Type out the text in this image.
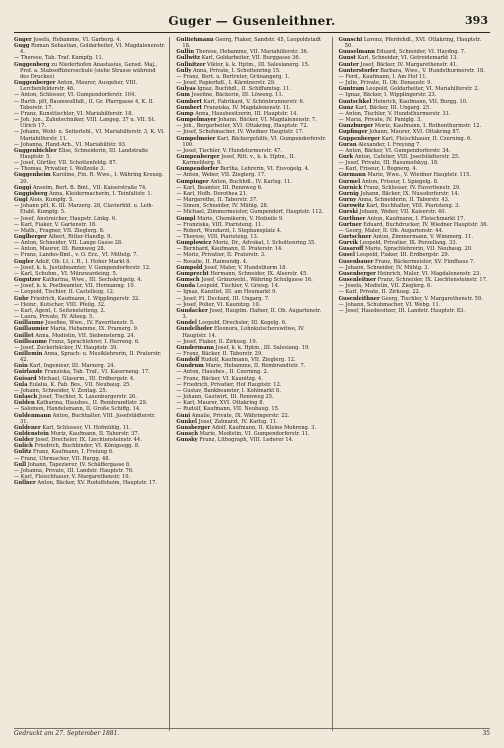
Guger — Gusenleithner.	393

Guger Josefa, Hebamme, VI. Garberg. 4.

Gugg Roman Sebastian, Goldarbeiter, VI. Magdalenenstr. 4.

— Therese, Tab. Traf. Kumpfg. 11.

Guggenberg zu Niederhofen Anastasius, Gensd. Maj., Prof. a. Stabsoffiziersschule (siehe Strasse während des Druckes)

Guggenberger Anton, Maurer, Ausgeher, VIII. Lerchenfelderstr. 46.

— Anton, Schlosser, VI. Gumpendorferstr. 104.

— Barth. pH, Baumwollhdl., II. Gr. Pfarrgasse 4, K. II. Taborstr. 17.

— Franz, Kunsttischler, VI. Mariahilferstr. 18.

— Joh. jun., Zahntechniker, VIII. Langeg. 37 u. VII. St. Ulrich 17.

— Johann, Wohl- u. Seiterlebl., VI. Mariahilferstr. 3, K. VI. Mariahilferstr. 11.

— Johanna, Hand-Arb., VI. Mariahilfstr. 93.

Guggenbichler Elise, Schneiderin, III. Landstraße Hauptstr. 5.

— Josef, Gürtler, VII. Schottenfeldg. 87.

— Thomas, Privatier, I. Wollzeile 3.

Guggenheim Karoline, Fin. R. Wwe., I. Währing Kreuzg. 20.

Guggi Anselm, Bert. B. Bmt., VII. Kaiserstraße 74.

Guggisberg Anna, Kleidermacherin, I. Teinfaltstr. 1.

Gugl Alois, Kumpfg. 5.

— Johann pH, K. III. Marzerg. 28, Clavierbld. u. Leih-Etabl. Kumpfg. 5.

— Josef, Anstreicher, Haupstr. Linkg. 6.

— Karl, Fiaker, V. Gartenstr. 18.

— Math., Fragner, VII. Zieglerg. 8.

Guglberger Albert, Ritter-Handlg. 9.

— Anton, Schneider, VII. Lange Gasse 28.

— Anton, Maurer, III. Rennweg 28.

— Franz, Landes-Bmt., v. O. Erz., VI. Mittelg. 7.

Gugler Adolf, Ob. Lt. i. R., I. Hoher Markt 8.

— Josef, k. k. Justizbeamter, V. Gumpendorferstr. 12.

— Karl, Schuhm., VI. Münzwardeing. 5.

Gugutzer Katharina, Wwe., III. Sechskrügelg. 4.

— Josef, k. k. Postbeamter, VII. Hermanng. 10.

— Leopold, Tischler, II. Castellezg. 12.

Guhr Friedrich, Kaufmann, I. Wipplingerstr. 32.

— Heinr., Kutscher, VIII. Pfeilg. 32.

— Karl, Agent, I. Seitenstetteng. 2.

— Laura, Private, IV. Alleeg. 5.

Guillaume Josefine, Wwe., IV. Favoritenstr. 5.

Guillaumier Maria, Hebamme, IX. Pramerg. 9.

Guillet Anna, Modistin, VII. Siebensterng. 24.

Guilleaume Franz, Sprachlehrer, I. Herreng. 6.

— Josef, Zuckerbäcker, IV. Hauptstr. 39.

Guillemin Anna, Sprach- u. Musiklehrerin, II. Praterstr. 42.

Guin Karl, Ingenieur, III. Marxerg. 24.

Guirlande Franziska, Tab. Traf., VI. Kaserneng. 17.

Guisard Michael, Glaserm., III. Erdbergstr. 4.

Gula Eulalia, K. Fab. Bes., VII. Neubaug. 25.

— Johann, Schneider, V. Zentag. 25.

Gulasch Josef, Tischler, X. Laxenburgerstr. 26.

Gulden Katharina, Hausbes., II. Rembrandtstr. 29.

— Salomon, Handelsmann, II. Große Schiffg. 14.

Guldenmann Anton, Buchhalter, VIII. Josefstädterstr. 31.

Guldener Karl, Schlosser, VI. Hofmühlg. 11.

Guldenstein Moriz, Kaufmann, II. Taborstr. 37.

Gulder Josef, Drechsler, IX. Liechtensteinstr. 44.

Gulich Friedrich, Buchbinder, VI. Königsegg. 8.

Gulitz Franz, Kaufmann, I. Freiung 6.

— Franz, Uhrmacher, VII. Burgg. 48.

Gull Johann, Tapezierer, IV. Schäffergasse 8.

— Johanna, Private, III. Landstr. Hauptstr. 76.

— Karl, Fleischhauer, V. Margarethenstr. 10.

Gullner Anton, Bäcker, XV. Rudolfsheim, Hauptstr. 17.

Gulliehmann Georg, Fiaker, Sandstr. 45, Leopoldstadt 18.

Gullin Therese, Hebamme, VII. Mariahilferstr. 36.

Gullwitz Karl, Goldarbeiter, VII. Burggasse 36.

Gullnitzer Viktor, k. k. Hptm., III. Salesianerg. 15.

Gully Anna, Private, I. Schottenring 15.

— Franz, Bert. u. Bertreter, Grünangerg. 1.

— Josef, Papierhdl., I. Kärntnerstr. 29.

Gulyas Ignaz, Buchhdl., II. Schiffamtsg. 11.

Gum Josefine, Bäckerin, III. Löweng. 11.

Gumbert Karl, Fabrikant, V. Schönbrunnerstr. 6.

Gumbert Franziska, IV. Magdalenenstr. 11.

Gump Anna, Hausbesitzerin, III. Hauptstr. 14.

Gumpelmayer Johann, Bäcker, VI. Magdalenenstr. 7.

— Joh., Bergarbeiter, XVI. Ottakring, Hauptstr. 72.

— Josef, Schuhmacher, IV. Wiedner Hauptstr. 17.

Gumpelmeier Karl, Bäckergehilfe, VI. Gumpendorferstr. 100.

— Josef, Tischler, V. Hundsturmerstr. 47.

Gumpenberger Josef, Ritt. v., k. k. Hptm., II. Karmeliterg. 9.

Gumpendorfer Bertha, Lehrerin, VI. Eisvogelg. 4.

— Anton, Weber, VII. Zieglerg. 17.

Gumpinger Anton, Buchhdl., IV. Karlsg. 11.

— Karl, Beamter, III. Rennweg 6.

— Karl, Hofb. Dorothea 21.

— Margarethe, II. Taborstr. 37.

— Simon, Schneider, IV. Mühlg. 28.

— Michael, Zimmermeister, Gumpendorf, Hauptstr. 112.

Gumpl Marie, Chemikerin, V. Hofzeile 9.

— Franziska, VIII. Piaristeng. 11.

— Robert, Wundarzt, I. Stephansplatz 4.

— Therese, VIII. Piaristeng. 13.

Gumplowicz Moriz, Dr., Advokat, I. Schottenring 35.

— Bernhard, Kaufmann, II. Praterstr. 14.

— Moriz, Privatier, II. Praterstr. 3.

— Rosalie, II. Raimundg. 4.

Gumpold Josef, Maler, V. Hundsthurm 18.

Gumprecht Hermann, Schneider, IX. Alserstr. 45.

Gumsch Josef, Gränzwebl., Währing Schulgasse 16.

Gunda Leopold, Tischler, V. Griesg. 14.

— Ignaz, Kanzlist, III. am Heumarkt 9.

— Josef, Fl. Dechant, III. Ungarg. 7.

— Josef, Polier, VI. Kaunitzg. 10.

Gundacker Josef, Hauptm. Hafner, II. Ob. Augartenstr. 3.

Gundel Leopold, Drechsler, III. Kegelg. 6.

Gundelhofer Eleonora, Lohnkutscherswitwe, IV. Hauptstr. 14.

— Josef, Fiaker, II. Zirkusg. 19.

Gundermann Josef, k. k. Hptm., III. Salesiang. 19.

— Franz, Bäcker, II. Taborstr. 29.

Gundolf Rudolf, Kaufmann, VII. Zieglerg. 12.

Gundrum Marie, Hebamme, II. Rembrandtstr. 7.

— Anton, Hausbes., II. Czerning. 2.

— Franz, Bäcker, VI. Kaunitzg. 4.

— Friedrich, Privatier, Hof Hauptstr. 12.

— Gustav, Bankbeamter, I. Kohlmarkt 8.

— Johann, Gastwirt, III. Rennweg 25.

— Karl, Maurer, XVI. Ottakring 8.

— Rudolf, Kaufmann, VII. Neubaug. 15.

Guni Amalie, Private, IX. Währingerstr. 22.

Gunkel Josef, Zahnarzt, IV. Karlsg. 11.

Gunsberger Adolf, Kaufmann, II. Kleine Mohreng. 3.

Gunsch Marie, Modistin, VI. Gumpendorferstr. 11.

Gunsky Franz, Lithograph, VIII. Lederer 14.

Gunschl Lorenz, Pferdehdl., XVI. Ottakring, Hauptstr. 50.

Gunselmann Eduard, Schneider, VI. Haydng. 7.

Gunst Karl, Schneider, VI. Getreidemarkt 13.

Gunter Josef, Bäcker, IV. Margarethenstr. 41.

Gunterstorfer Barbara, Wwe., V. Hundsthurmerstr. 18.

— Ferd., Kaufmann, I. Am Hof 11.

— Julie, Private, II. Ob. Donaustr. 9.

Guntram Leopold, Goldarbeiter, VI. Mariahilferstr. 2.

— Ignaz, Bäcker, I. Wipplingerstr. 23.

Guntschkel Heinrich, Kaufmann, VII. Burgg. 10.

Gunz Karl, Bäcker, III. Ungarg. 25.

— Anton, Tischler, V. Hundsthurmerstr. 31.

— Maria, Private, IV. Paniglg. 3.

Gunzburger Moriz, Kaufmann, I. Rothenthurmstr. 12.

Gupfinger Johann, Maurer, XVI. Ottakring 87.

Guppenberger Karl, Fleischhauer, II. Czerning. 6.

Guran Alexander, I. Freyung 7.

— Anton, Bäcker, VI. Gumpendorferstr. 34.

Gurk Anton, Cafetier, VIII. Josefstädterstr. 25.

— Josef, Private, III. Rasumofskyg. 18.

— Karl, Friseur, I. Bognerg. 4.

Gurmann Marie, Wwe., V. Wiedner Hauptstr. 115.

Gurmel Anton, Friseur, I. Spiegelg. 8.

Gurnick Franz, Schlosser, IV. Favoritenstr. 29.

Gurnig Johann, Bäcker, IX. Nussdorferstr. 14.

Gurny Anna, Schneiderin, II. Taborstr. 43.

Gurowitz Karl, Buchhalter, VIII. Piaristeng. 3.

Gurski Johann, Weber, VII. Kaiserstr. 40.

Gurthner Anton, Kaufmann, I. Fleischmarkt 17.

Gurtner Eduard, Buchdrucker, IV. Wiedner Hauptstr. 36.

— Georg, Maler, II. Ob. Augartenstr. 44.

Gurtschner Anton, Zimmermann, V. Wimmerg. 11.

Gurvik Leopold, Privatier, IX. Porzellang. 33.

Gusaroff Marie, Sprachlehrerin, VII. Neubaug. 20.

Gusel Leopold, Fiaker, III. Erdbergstr. 29.

Gusenbauer Franz, Bäckermeister, XV. Fünfhaus 7.

— Johann, Schneider, IV. Mühlg. 3.

Gusenberger Heinrich, Maler, VI. Magdalenenstr. 23.

Gusenleitner Franz, Schneider, IX. Liechtensteinstr. 17.

— Josefa, Modistin, VII. Zieglerg. 6.

— Karl, Private, II. Zirkusg. 22.

Gusenleithner Georg, Tischler, V. Margarethenstr. 59.

— Johann, Schuhmacher, VI. Webg. 11.

— Josef, Hausbesitzer, III. Landstr. Hauptstr. 83.

Gedruckt am 27. September 1881.	35
